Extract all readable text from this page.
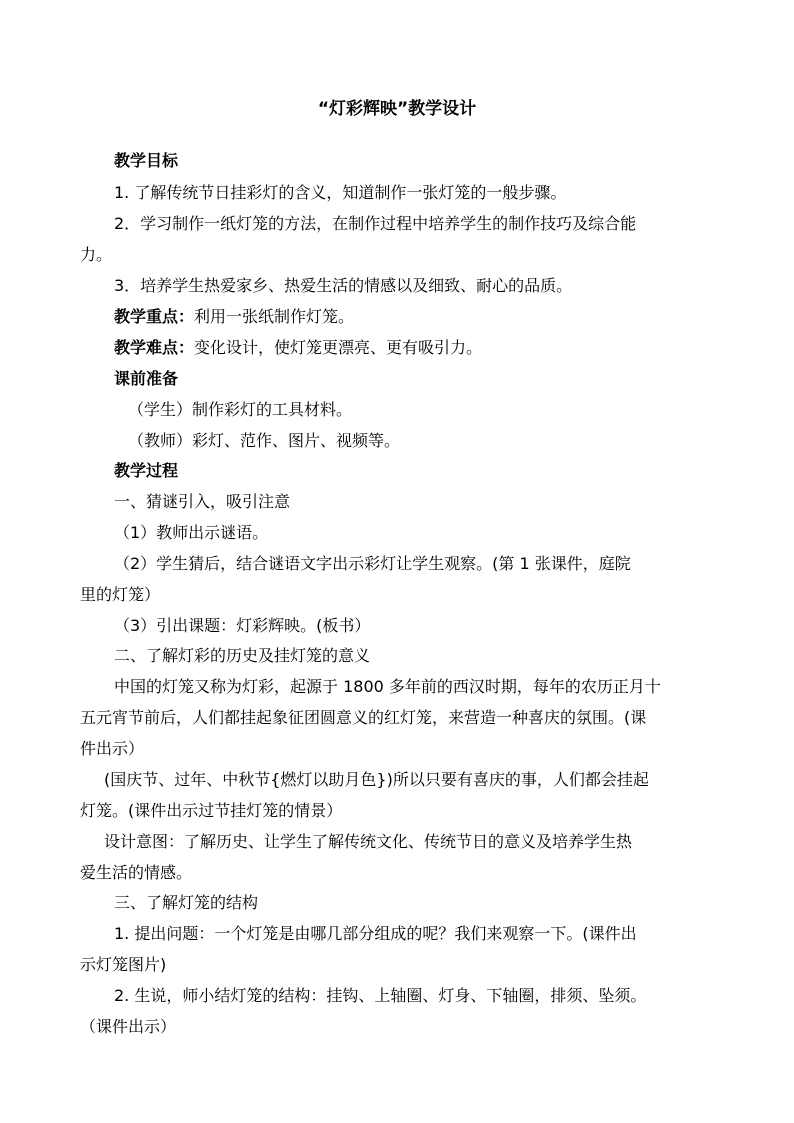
“灯彩辉映”教学设计
教学目标
1. 了解传统节日挂彩灯的含义，知道制作一张灯笼的一般步骤。
2．学习制作一纸灯笼的方法，在制作过程中培养学生的制作技巧及综合能
力。
3．培养学生热爱家乡、热爱生活的情感以及细致、耐心的品质。
教学重点：利用一张纸制作灯笼。
教学难点：变化设计，使灯笼更漂亮、更有吸引力。
课前准备
（学生）制作彩灯的工具材料。
（教师）彩灯、范作、图片、视频等。
教学过程
一、猜谜引入，吸引注意
（1）教师出示谜语。
（2）学生猜后，结合谜语文字出示彩灯让学生观察。(第 1 张课件，庭院
里的灯笼）
（3）引出课题：灯彩辉映。(板书）
二、了解灯彩的历史及挂灯笼的意义
中国的灯笼又称为灯彩，起源于 1800 多年前的西汉时期，每年的农历正月十
五元宵节前后，人们都挂起象征团圆意义的红灯笼，来营造一种喜庆的氛围。(课
件出示）
(国庆节、过年、中秋节{燃灯以助月色})所以只要有喜庆的事，人们都会挂起
灯笼。(课件出示过节挂灯笼的情景）
设计意图：了解历史、让学生了解传统文化、传统节日的意义及培养学生热
爱生活的情感。
三、了解灯笼的结构
1. 提出问题：一个灯笼是由哪几部分组成的呢？我们来观察一下。(课件出
示灯笼图片)
2. 生说，师小结灯笼的结构：挂钩、上轴圈、灯身、下轴圈，排须、坠须。
（课件出示）
